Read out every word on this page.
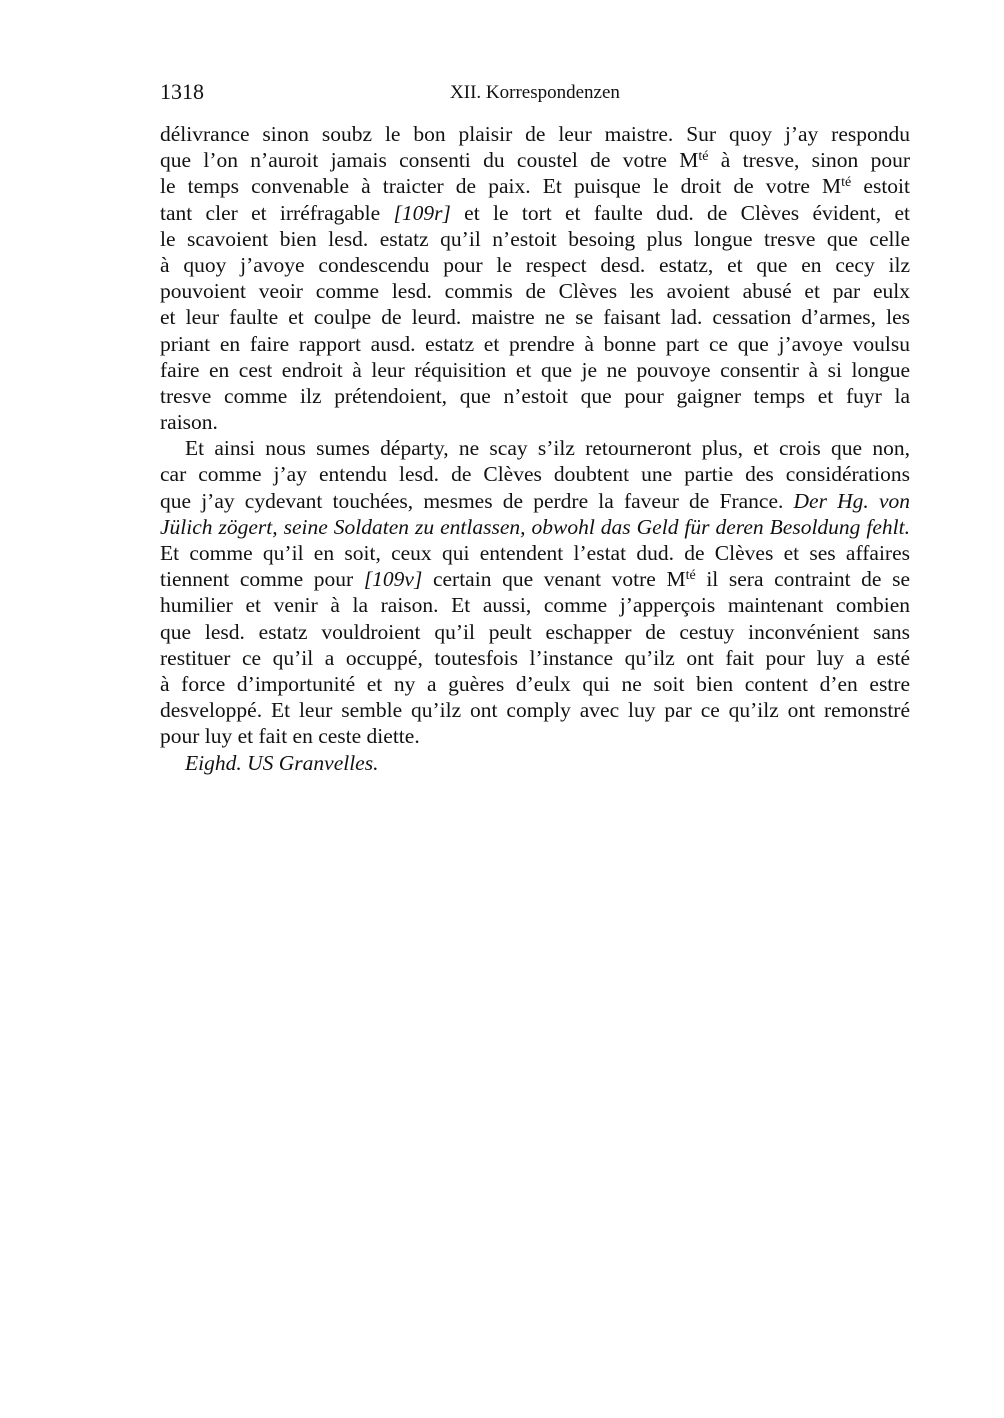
1318	XII. Korrespondenzen
délivrance sinon soubz le bon plaisir de leur maistre. Sur quoy j’ay respondu
que l’on n’auroit jamais consenti du coustel de votre $M^{té}$ à tresve, sinon pour
le temps convenable à traicter de paix. Et puisque le droit de votre $M^{té}$ estoit
tant cler et irréfragable [109r] et le tort et faulte dud. de Clèves évident, et
le scavoient bien lesd. estatz qu’il n’estoit besoing plus longue tresve que celle
à quoy j’avoye condescendu pour le respect desd. estatz, et que en cecy ilz
pouvoient veoir comme lesd. commis de Clèves les avoient abusé et par eulx
et leur faulte et coulpe de leurd. maistre ne se faisant lad. cessation d’armes, les
priant en faire rapport ausd. estatz et prendre à bonne part ce que j’avoye voulsu
faire en cest endroit à leur réquisition et que je ne pouvoye consentir à si longue
tresve comme ilz prétendoient, que n’estoit que pour gaigner temps et fuyr la
raison.
Et ainsi nous sumes départy, ne scay s’ilz retourneront plus, et crois que non,
car comme j’ay entendu lesd. de Clèves doubtent une partie des considérations
que j’ay cydevant touchées, mesmes de perdre la faveur de France. Der Hg. von
Jülich zögert, seine Soldaten zu entlassen, obwohl das Geld für deren Besoldung fehlt.
Et comme qu’il en soit, ceux qui entendent l’estat dud. de Clèves et ses affaires
tiennent comme pour [109v] certain que venant votre $M^{té}$ il sera contraint de se
humilier et venir à la raison. Et aussi, comme j’apperçois maintenant combien
que lesd. estatz vouldroient qu’il peult eschapper de cestuy inconvénient sans
restituer ce qu’il a occuppé, toutesfois l’instance qu’ilz ont fait pour luy a esté
à force d’importunité et ny a guères d’eulx qui ne soit bien content d’en estre
desveloppé. Et leur semble qu’ilz ont comply avec luy par ce qu’ilz ont remonstré
pour luy et fait en ceste diette.
Eighd. US Granvelles.
